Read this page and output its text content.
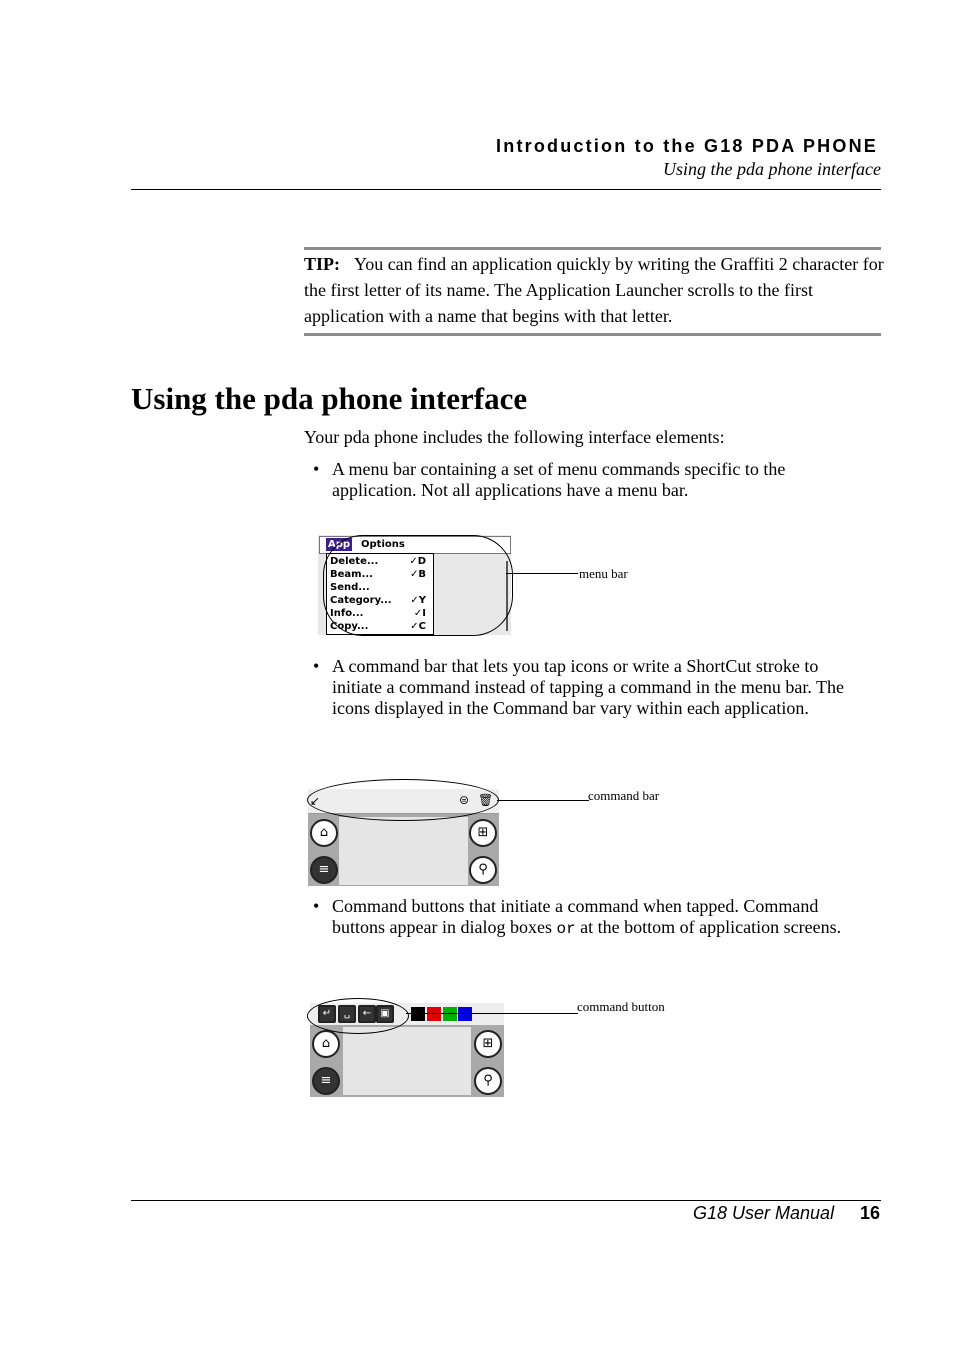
Introduction to the G18 PDA PHONE
Using the pda phone interface
TIP: You can find an application quickly by writing the Graffiti 2 character for the first letter of its name. The Application Launcher scrolls to the first application with a name that begins with that letter.
Using the pda phone interface
Your pda phone includes the following interface elements:
• A menu bar containing a set of menu commands specific to the application. Not all applications have a menu bar.
App Options
Delete...	✓D
Beam...	✓B
Send...
Category... ✓Y
Info...	✓I
Copy...	✓C
menu bar
• A command bar that lets you tap icons or write a ShortCut stroke to initiate a command instead of tapping a command in the menu bar. The icons displayed in the Command bar vary within each application.
↙	⊜ 🗑
⌂
≡
⊞
⚲
command bar
• Command buttons that initiate a command when tapped. Command buttons appear in dialog boxes or at the bottom of application screens.
↵	␣	← ▣
⌂
≡
⊞
⚲
command button
G18 User Manual 16
